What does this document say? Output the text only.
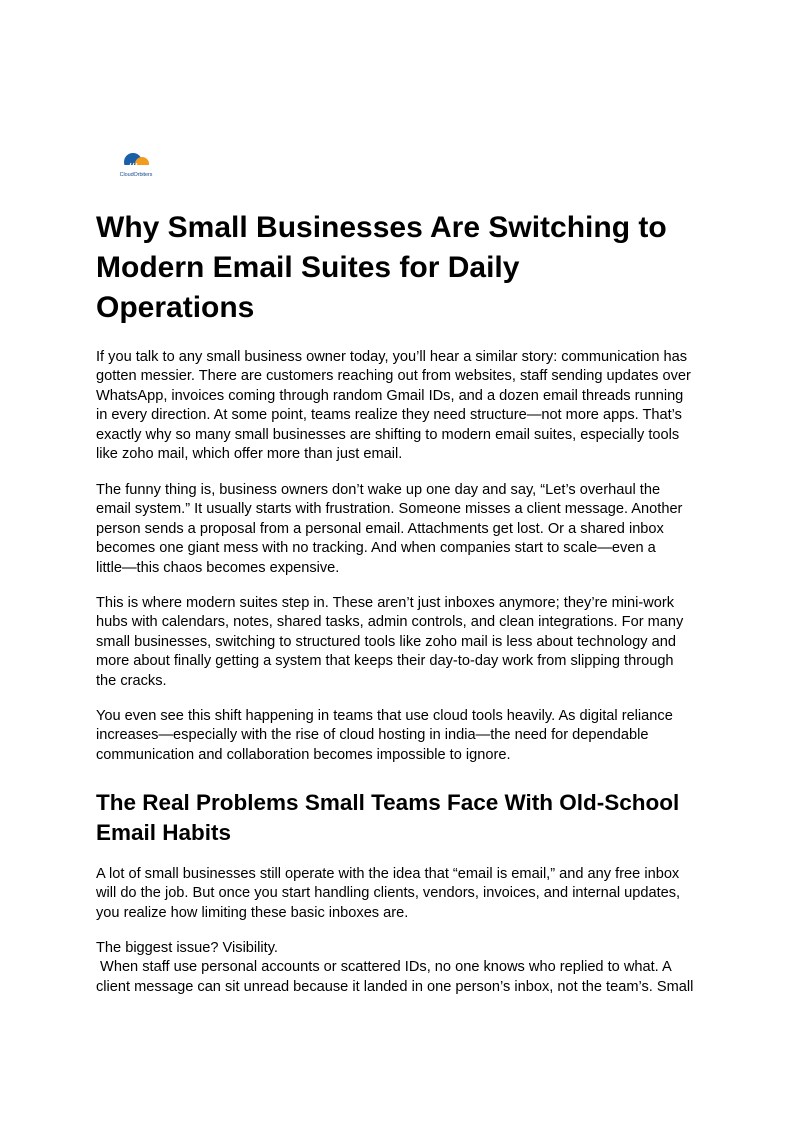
CloudOrbiters
Why Small Businesses Are Switching to
Modern Email Suites for Daily
Operations

If you talk to any small business owner today, you’ll hear a similar story: communication has
gotten messier. There are customers reaching out from websites, staff sending updates over
WhatsApp, invoices coming through random Gmail IDs, and a dozen email threads running
in every direction. At some point, teams realize they need structure—not more apps. That’s
exactly why so many small businesses are shifting to modern email suites, especially tools
like zoho mail, which offer more than just email.

The funny thing is, business owners don’t wake up one day and say, “Let’s overhaul the
email system.” It usually starts with frustration. Someone misses a client message. Another
person sends a proposal from a personal email. Attachments get lost. Or a shared inbox
becomes one giant mess with no tracking. And when companies start to scale—even a
little—this chaos becomes expensive.

This is where modern suites step in. These aren’t just inboxes anymore; they’re mini-work
hubs with calendars, notes, shared tasks, admin controls, and clean integrations. For many
small businesses, switching to structured tools like zoho mail is less about technology and
more about finally getting a system that keeps their day-to-day work from slipping through
the cracks.

You even see this shift happening in teams that use cloud tools heavily. As digital reliance
increases—especially with the rise of cloud hosting in india—the need for dependable
communication and collaboration becomes impossible to ignore.

The Real Problems Small Teams Face With Old-School
Email Habits

A lot of small businesses still operate with the idea that “email is email,” and any free inbox
will do the job. But once you start handling clients, vendors, invoices, and internal updates,
you realize how limiting these basic inboxes are.

The biggest issue? Visibility.
When staff use personal accounts or scattered IDs, no one knows who replied to what. A
client message can sit unread because it landed in one person’s inbox, not the team’s. Small
